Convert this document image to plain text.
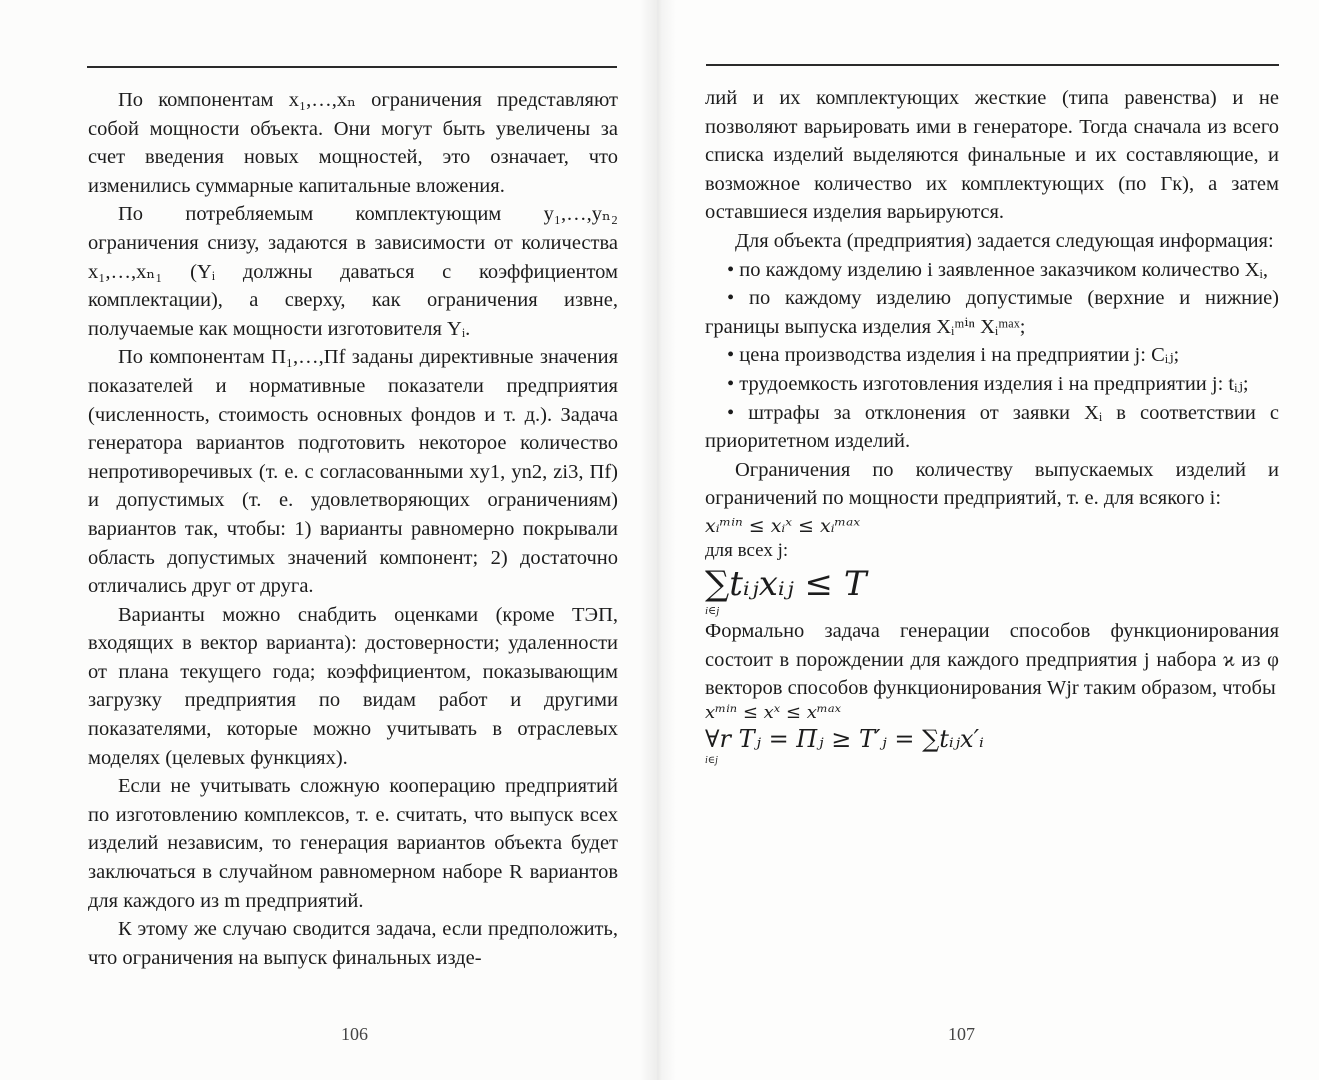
По компонентам x₁,…,xₙ ограничения представляют собой мощности объекта. Они могут быть увеличены за счет введения новых мощностей, это означает, что изменились суммарные капитальные вложения.

По потребляемым комплектующим y₁,…,yₙ₂ ограничения снизу, задаются в зависимости от количества x₁,…,xₙ₁ (Yᵢ должны даваться с коэффициентом комплектации), а сверху, как ограничения извне, получаемые как мощности изготовителя Yᵢ.

По компонентам П₁,…,Пf заданы директивные значения показателей и нормативные показатели предприятия (численность, стоимость основных фондов и т. д.). Задача генератора вариантов подготовить некоторое количество непротиворечивых (т. е. с согласованными xy1, yn2, zi3, Пf) и допустимых (т. е. удовлетворяющих ограничениям) вариантов так, чтобы: 1) варианты равномерно покрывали область допустимых значений компонент; 2) достаточно отличались друг от друга.

Варианты можно снабдить оценками (кроме ТЭП, входящих в вектор варианта): достоверности; удаленности от плана текущего года; коэффициентом, показывающим загрузку предприятия по видам работ и другими показателями, которые можно учитывать в отраслевых моделях (целевых функциях).

Если не учитывать сложную кооперацию предприятий по изготовлению комплексов, т. е. считать, что выпуск всех изделий независим, то генерация вариантов объекта будет заключаться в случайном равномерном наборе R вариантов для каждого из m предприятий.

К этому же случаю сводится задача, если предположить, что ограничения на выпуск финальных изде-

106

лий и их комплектующих жесткие (типа равенства) и не позволяют варьировать ими в генераторе. Тогда сначала из всего списка изделий выделяются финальные и их составляющие, и возможное количество их комплектующих (по Гк), а затем оставшиеся изделия варьируются.

Для объекта (предприятия) задается следующая информация:

• по каждому изделию i заявленное заказчиком количество Xᵢ,

• по каждому изделию допустимые (верхние и нижние) границы выпуска изделия Xᵢᵐⁱⁿ Xᵢᵐᵃˣ;

• цена производства изделия i на предприятии j: Cᵢⱼ;

• трудоемкость изготовления изделия i на предприятии j: tᵢⱼ;

• штрафы за отклонения от заявки Xᵢ в соответствии с приоритетном изделий.

Ограничения по количеству выпускаемых изделий и ограничений по мощности предприятий, т. е. для всякого i:

xᵢᵐⁱⁿ ≤ xᵢˣ ≤ xᵢᵐᵃˣ

для всех j:

∑tᵢⱼxᵢⱼ ≤ T

i∈j

Формально задача генерации способов функционирования состоит в порождении для каждого предприятия j набора ϰ из φ векторов способов функционирования Wjr таким образом, чтобы

xᵐⁱⁿ ≤ xˣ ≤ xᵐᵃˣ

∀r Tⱼ = Пⱼ ≥ T′ⱼ = ∑tᵢⱼx′ᵢ

i∈j

107
